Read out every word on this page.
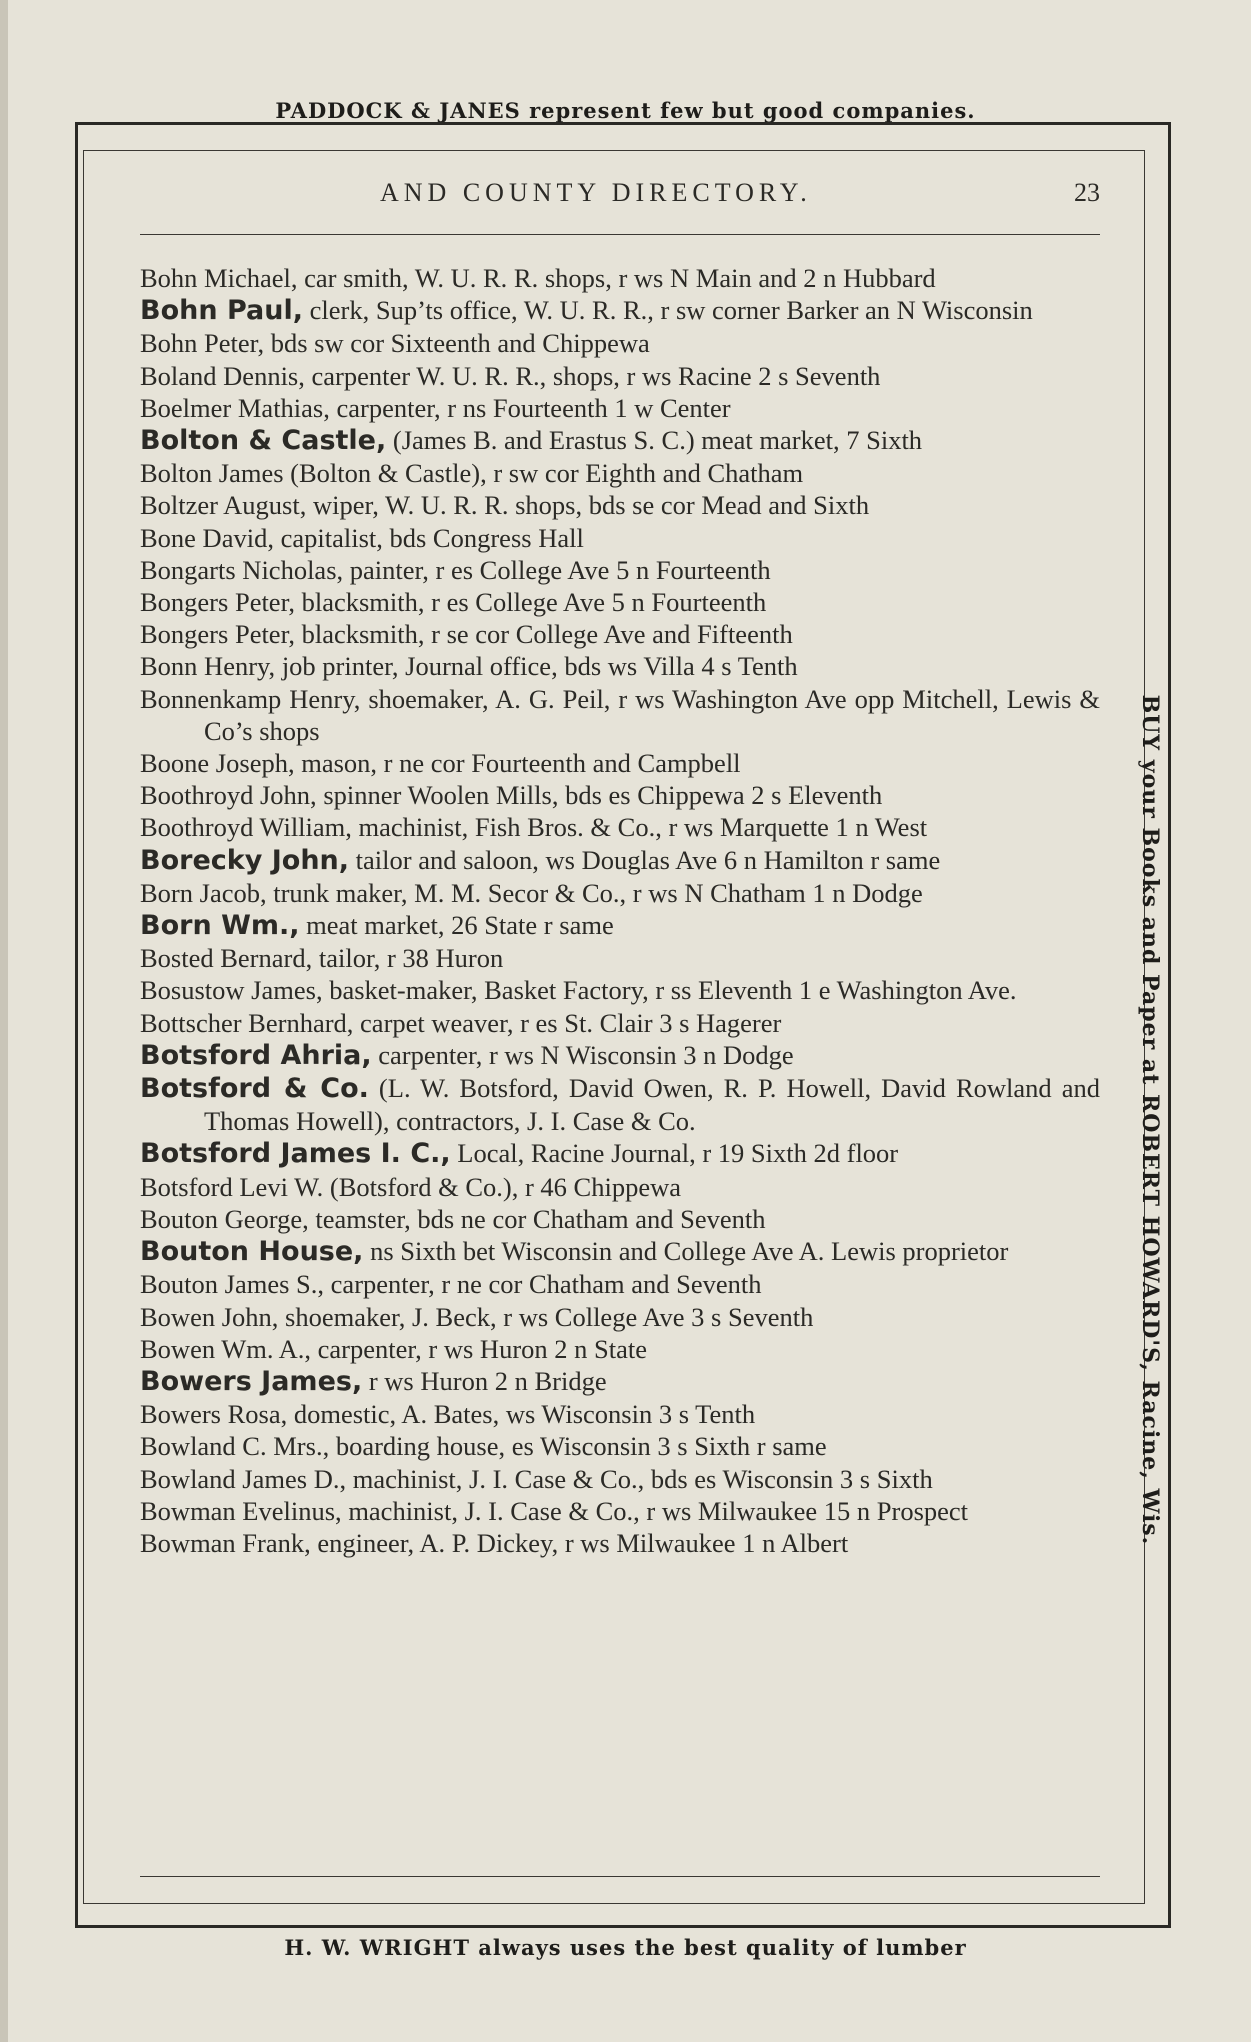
PADDOCK & JANES represent few but good companies.
AND COUNTY DIRECTORY.	23
Bohn Michael, car smith, W. U. R. R. shops, r ws N Main and 2 n Hubbard
Bohn Paul, clerk, Sup’ts office, W. U. R. R., r sw corner Barker an N Wisconsin
Bohn Peter, bds sw cor Sixteenth and Chippewa
Boland Dennis, carpenter W. U. R. R., shops, r ws Racine 2 s Seventh
Boelmer Mathias, carpenter, r ns Fourteenth 1 w Center
Bolton & Castle, (James B. and Erastus S. C.) meat market, 7 Sixth
Bolton James (Bolton & Castle), r sw cor Eighth and Chatham
Boltzer August, wiper, W. U. R. R. shops, bds se cor Mead and Sixth
Bone David, capitalist, bds Congress Hall
Bongarts Nicholas, painter, r es College Ave 5 n Fourteenth
Bongers Peter, blacksmith, r es College Ave 5 n Fourteenth
Bongers Peter, blacksmith, r se cor College Ave and Fifteenth
Bonn Henry, job printer, Journal office, bds ws Villa 4 s Tenth
Bonnenkamp Henry, shoemaker, A. G. Peil, r ws Washington Ave opp Mitchell, Lewis & Co’s shops
Boone Joseph, mason, r ne cor Fourteenth and Campbell
Boothroyd John, spinner Woolen Mills, bds es Chippewa 2 s Eleventh
Boothroyd William, machinist, Fish Bros. & Co., r ws Marquette 1 n West
Borecky John, tailor and saloon, ws Douglas Ave 6 n Hamilton r same
Born Jacob, trunk maker, M. M. Secor & Co., r ws N Chatham 1 n Dodge
Born Wm., meat market, 26 State r same
Bosted Bernard, tailor, r 38 Huron
Bosustow James, basket-maker, Basket Factory, r ss Eleventh 1 e Washington Ave.
Bottscher Bernhard, carpet weaver, r es St. Clair 3 s Hagerer
Botsford Ahria, carpenter, r ws N Wisconsin 3 n Dodge
Botsford & Co. (L. W. Botsford, David Owen, R. P. Howell, David Rowland and Thomas Howell), contractors, J. I. Case & Co.
Botsford James I. C., Local, Racine Journal, r 19 Sixth 2d floor
Botsford Levi W. (Botsford & Co.), r 46 Chippewa
Bouton George, teamster, bds ne cor Chatham and Seventh
Bouton House, ns Sixth bet Wisconsin and College Ave A. Lewis proprietor
Bouton James S., carpenter, r ne cor Chatham and Seventh
Bowen John, shoemaker, J. Beck, r ws College Ave 3 s Seventh
Bowen Wm. A., carpenter, r ws Huron 2 n State
Bowers James, r ws Huron 2 n Bridge
Bowers Rosa, domestic, A. Bates, ws Wisconsin 3 s Tenth
Bowland C. Mrs., boarding house, es Wisconsin 3 s Sixth r same
Bowland James D., machinist, J. I. Case & Co., bds es Wisconsin 3 s Sixth
Bowman Evelinus, machinist, J. I. Case & Co., r ws Milwaukee 15 n Prospect
Bowman Frank, engineer, A. P. Dickey, r ws Milwaukee 1 n Albert	BUY your Books and Paper at ROBERT HOWARD'S, Racine, Wis.
H. W. WRIGHT always uses the best quality of lumber
